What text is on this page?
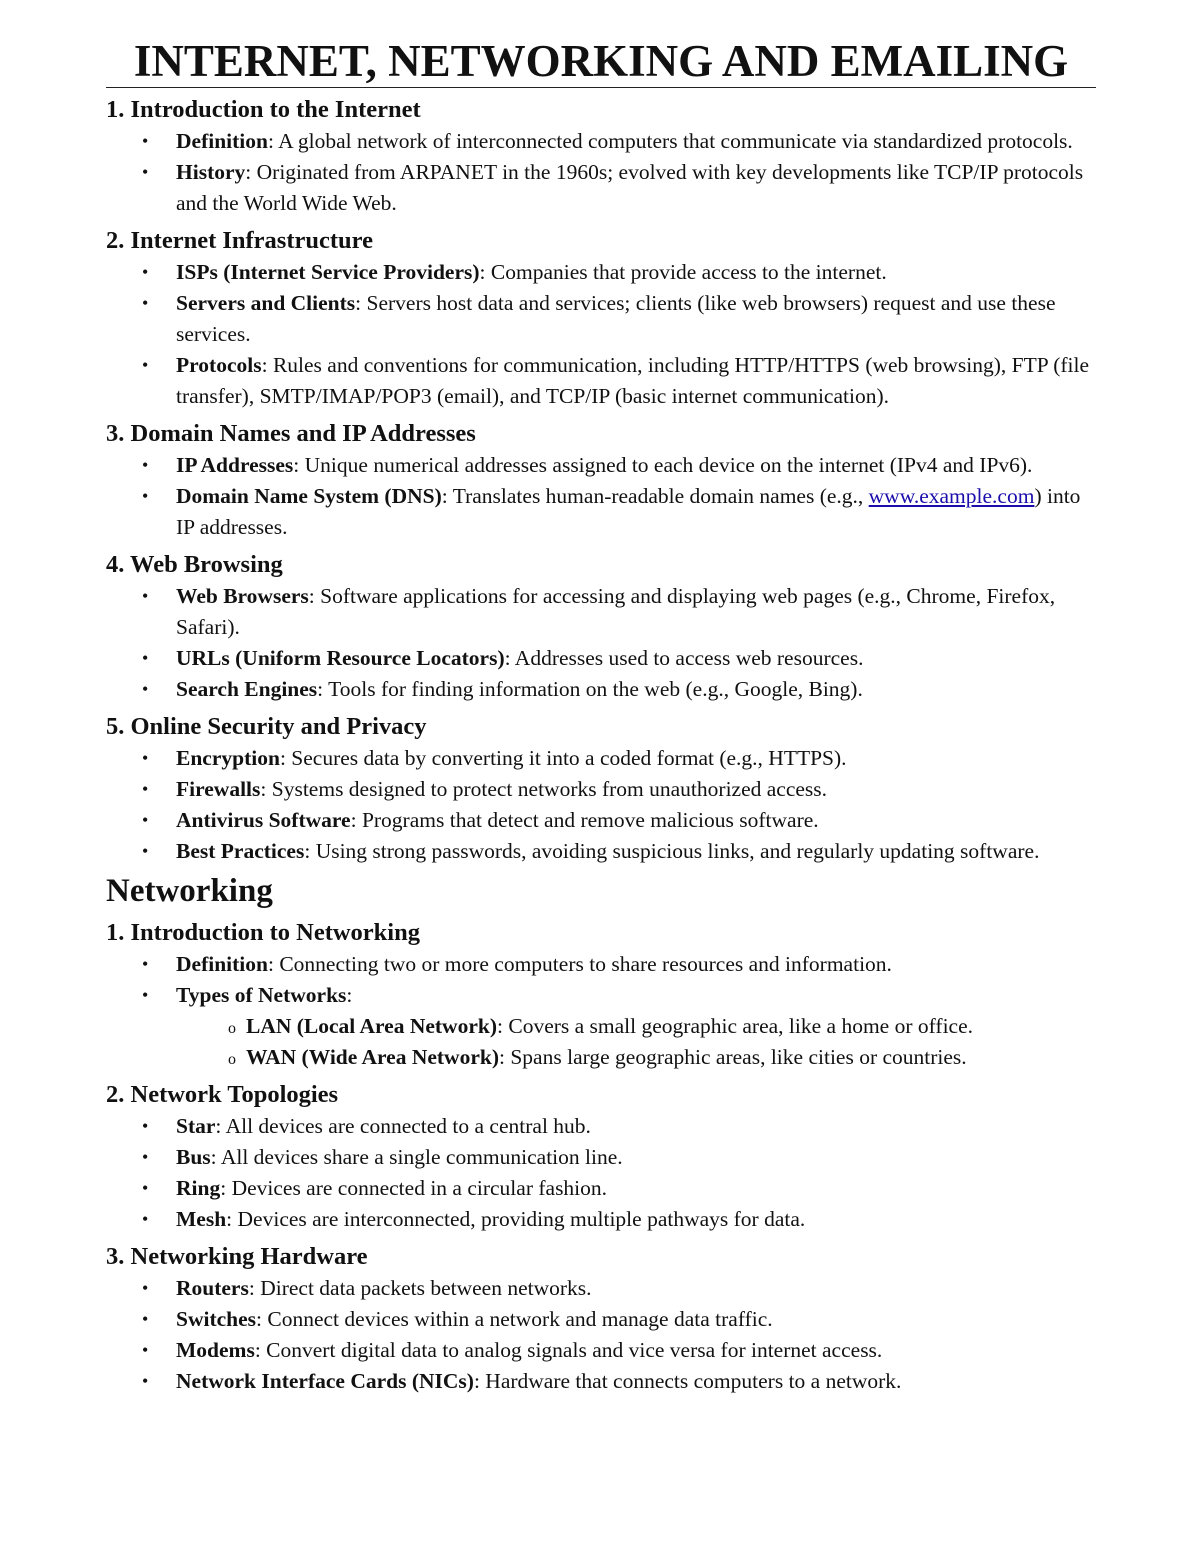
INTERNET, NETWORKING AND EMAILING
1. Introduction to the Internet
• Definition: A global network of interconnected computers that communicate via standardized protocols.
• History: Originated from ARPANET in the 1960s; evolved with key developments like TCP/IP protocols and the World Wide Web.
2. Internet Infrastructure
• ISPs (Internet Service Providers): Companies that provide access to the internet.
• Servers and Clients: Servers host data and services; clients (like web browsers) request and use these services.
• Protocols: Rules and conventions for communication, including HTTP/HTTPS (web browsing), FTP (file transfer), SMTP/IMAP/POP3 (email), and TCP/IP (basic internet communication).
3. Domain Names and IP Addresses
• IP Addresses: Unique numerical addresses assigned to each device on the internet (IPv4 and IPv6).
• Domain Name System (DNS): Translates human-readable domain names (e.g., www.example.com) into IP addresses.
4. Web Browsing
• Web Browsers: Software applications for accessing and displaying web pages (e.g., Chrome, Firefox, Safari).
• URLs (Uniform Resource Locators): Addresses used to access web resources.
• Search Engines: Tools for finding information on the web (e.g., Google, Bing).
5. Online Security and Privacy
• Encryption: Secures data by converting it into a coded format (e.g., HTTPS).
• Firewalls: Systems designed to protect networks from unauthorized access.
• Antivirus Software: Programs that detect and remove malicious software.
• Best Practices: Using strong passwords, avoiding suspicious links, and regularly updating software.
Networking
1. Introduction to Networking
• Definition: Connecting two or more computers to share resources and information.
• Types of Networks:
o LAN (Local Area Network): Covers a small geographic area, like a home or office.
o WAN (Wide Area Network): Spans large geographic areas, like cities or countries.
2. Network Topologies
• Star: All devices are connected to a central hub.
• Bus: All devices share a single communication line.
• Ring: Devices are connected in a circular fashion.
• Mesh: Devices are interconnected, providing multiple pathways for data.
3. Networking Hardware
• Routers: Direct data packets between networks.
• Switches: Connect devices within a network and manage data traffic.
• Modems: Convert digital data to analog signals and vice versa for internet access.
• Network Interface Cards (NICs): Hardware that connects computers to a network.
